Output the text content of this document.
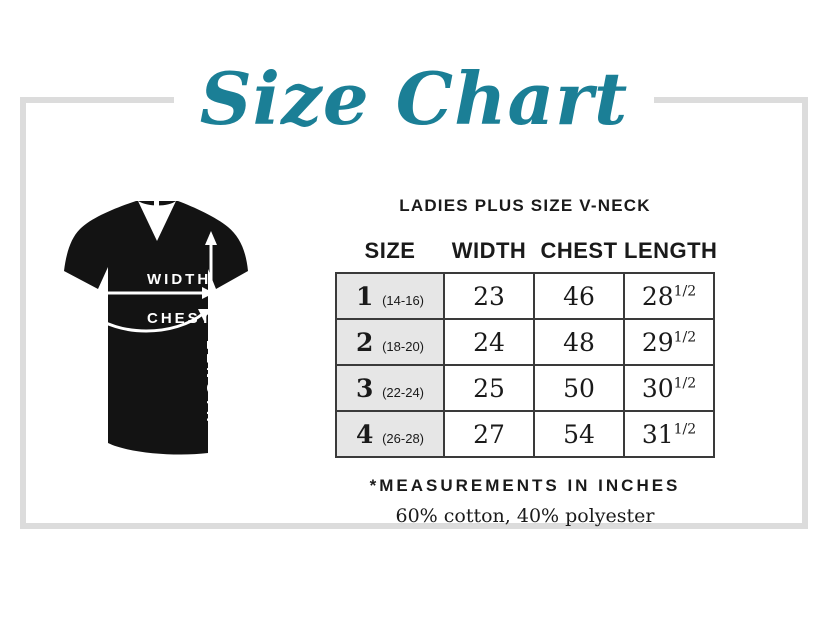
Size Chart
WIDTH
CHEST
LENGTH

LADIES PLUS SIZE V-NECK

SIZE	WIDTH	CHEST	LENGTH
1 (14-16)	23	46	$28^{1/2}$
2 (18-20)	24	48	$29^{1/2}$
3 (22-24)	25	50	$30^{1/2}$
4 (26-28)	27	54	$31^{1/2}$

*MEASUREMENTS IN INCHES

60% cotton, 40% polyester
